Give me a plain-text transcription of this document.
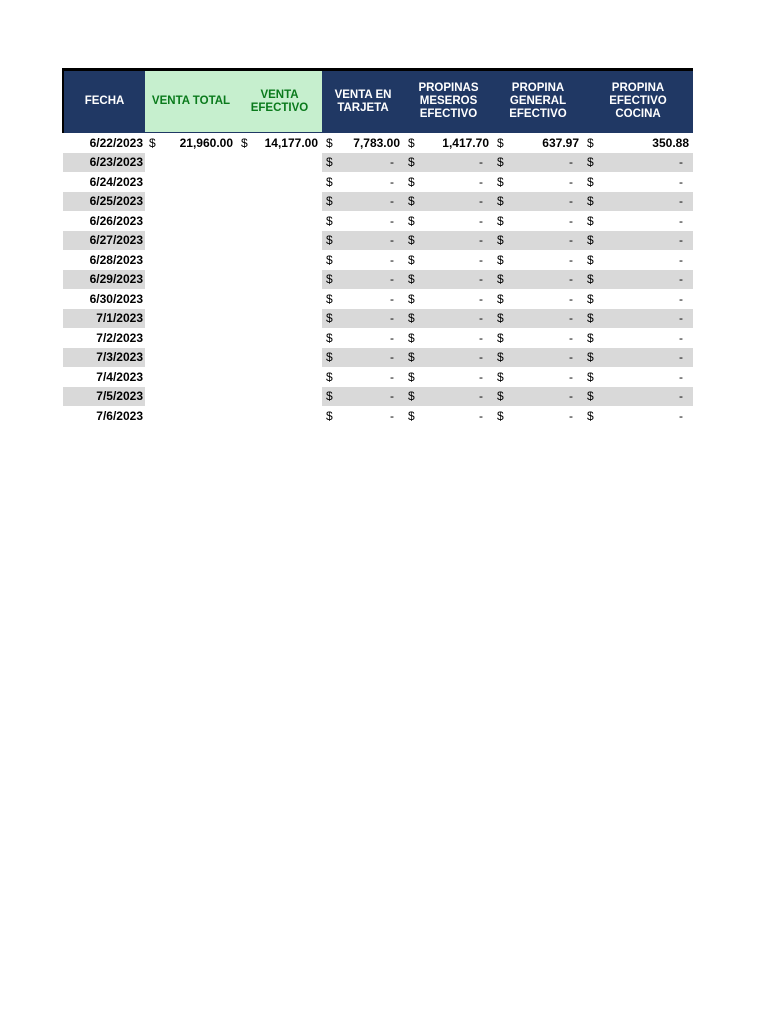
FECHA	VENTA TOTAL	VENTA EFECTIVO	VENTA EN TARJETA	PROPINAS MESEROS EFECTIVO	PROPINA GENERAL EFECTIVO	PROPINA EFECTIVO COCINA
6/22/2023	$ 21,960.00	$ 14,177.00	$ 7,783.00	$ 1,417.70	$ 637.97	$ 350.88

6/23/2023			$ -	$ -	$ -	$ -

6/24/2023			$ -	$ -	$ -	$ -

6/25/2023			$ -	$ -	$ -	$ -

6/26/2023			$ -	$ -	$ -	$ -

6/27/2023			$ -	$ -	$ -	$ -

6/28/2023			$ -	$ -	$ -	$ -

6/29/2023			$ -	$ -	$ -	$ -

6/30/2023			$ -	$ -	$ -	$ -

7/1/2023			$ -	$ -	$ -	$ -

7/2/2023			$ -	$ -	$ -	$ -

7/3/2023			$ -	$ -	$ -	$ -

7/4/2023			$ -	$ -	$ -	$ -

7/5/2023			$ -	$ -	$ -	$ -

7/6/2023			$ -	$ -	$ -	$ -
